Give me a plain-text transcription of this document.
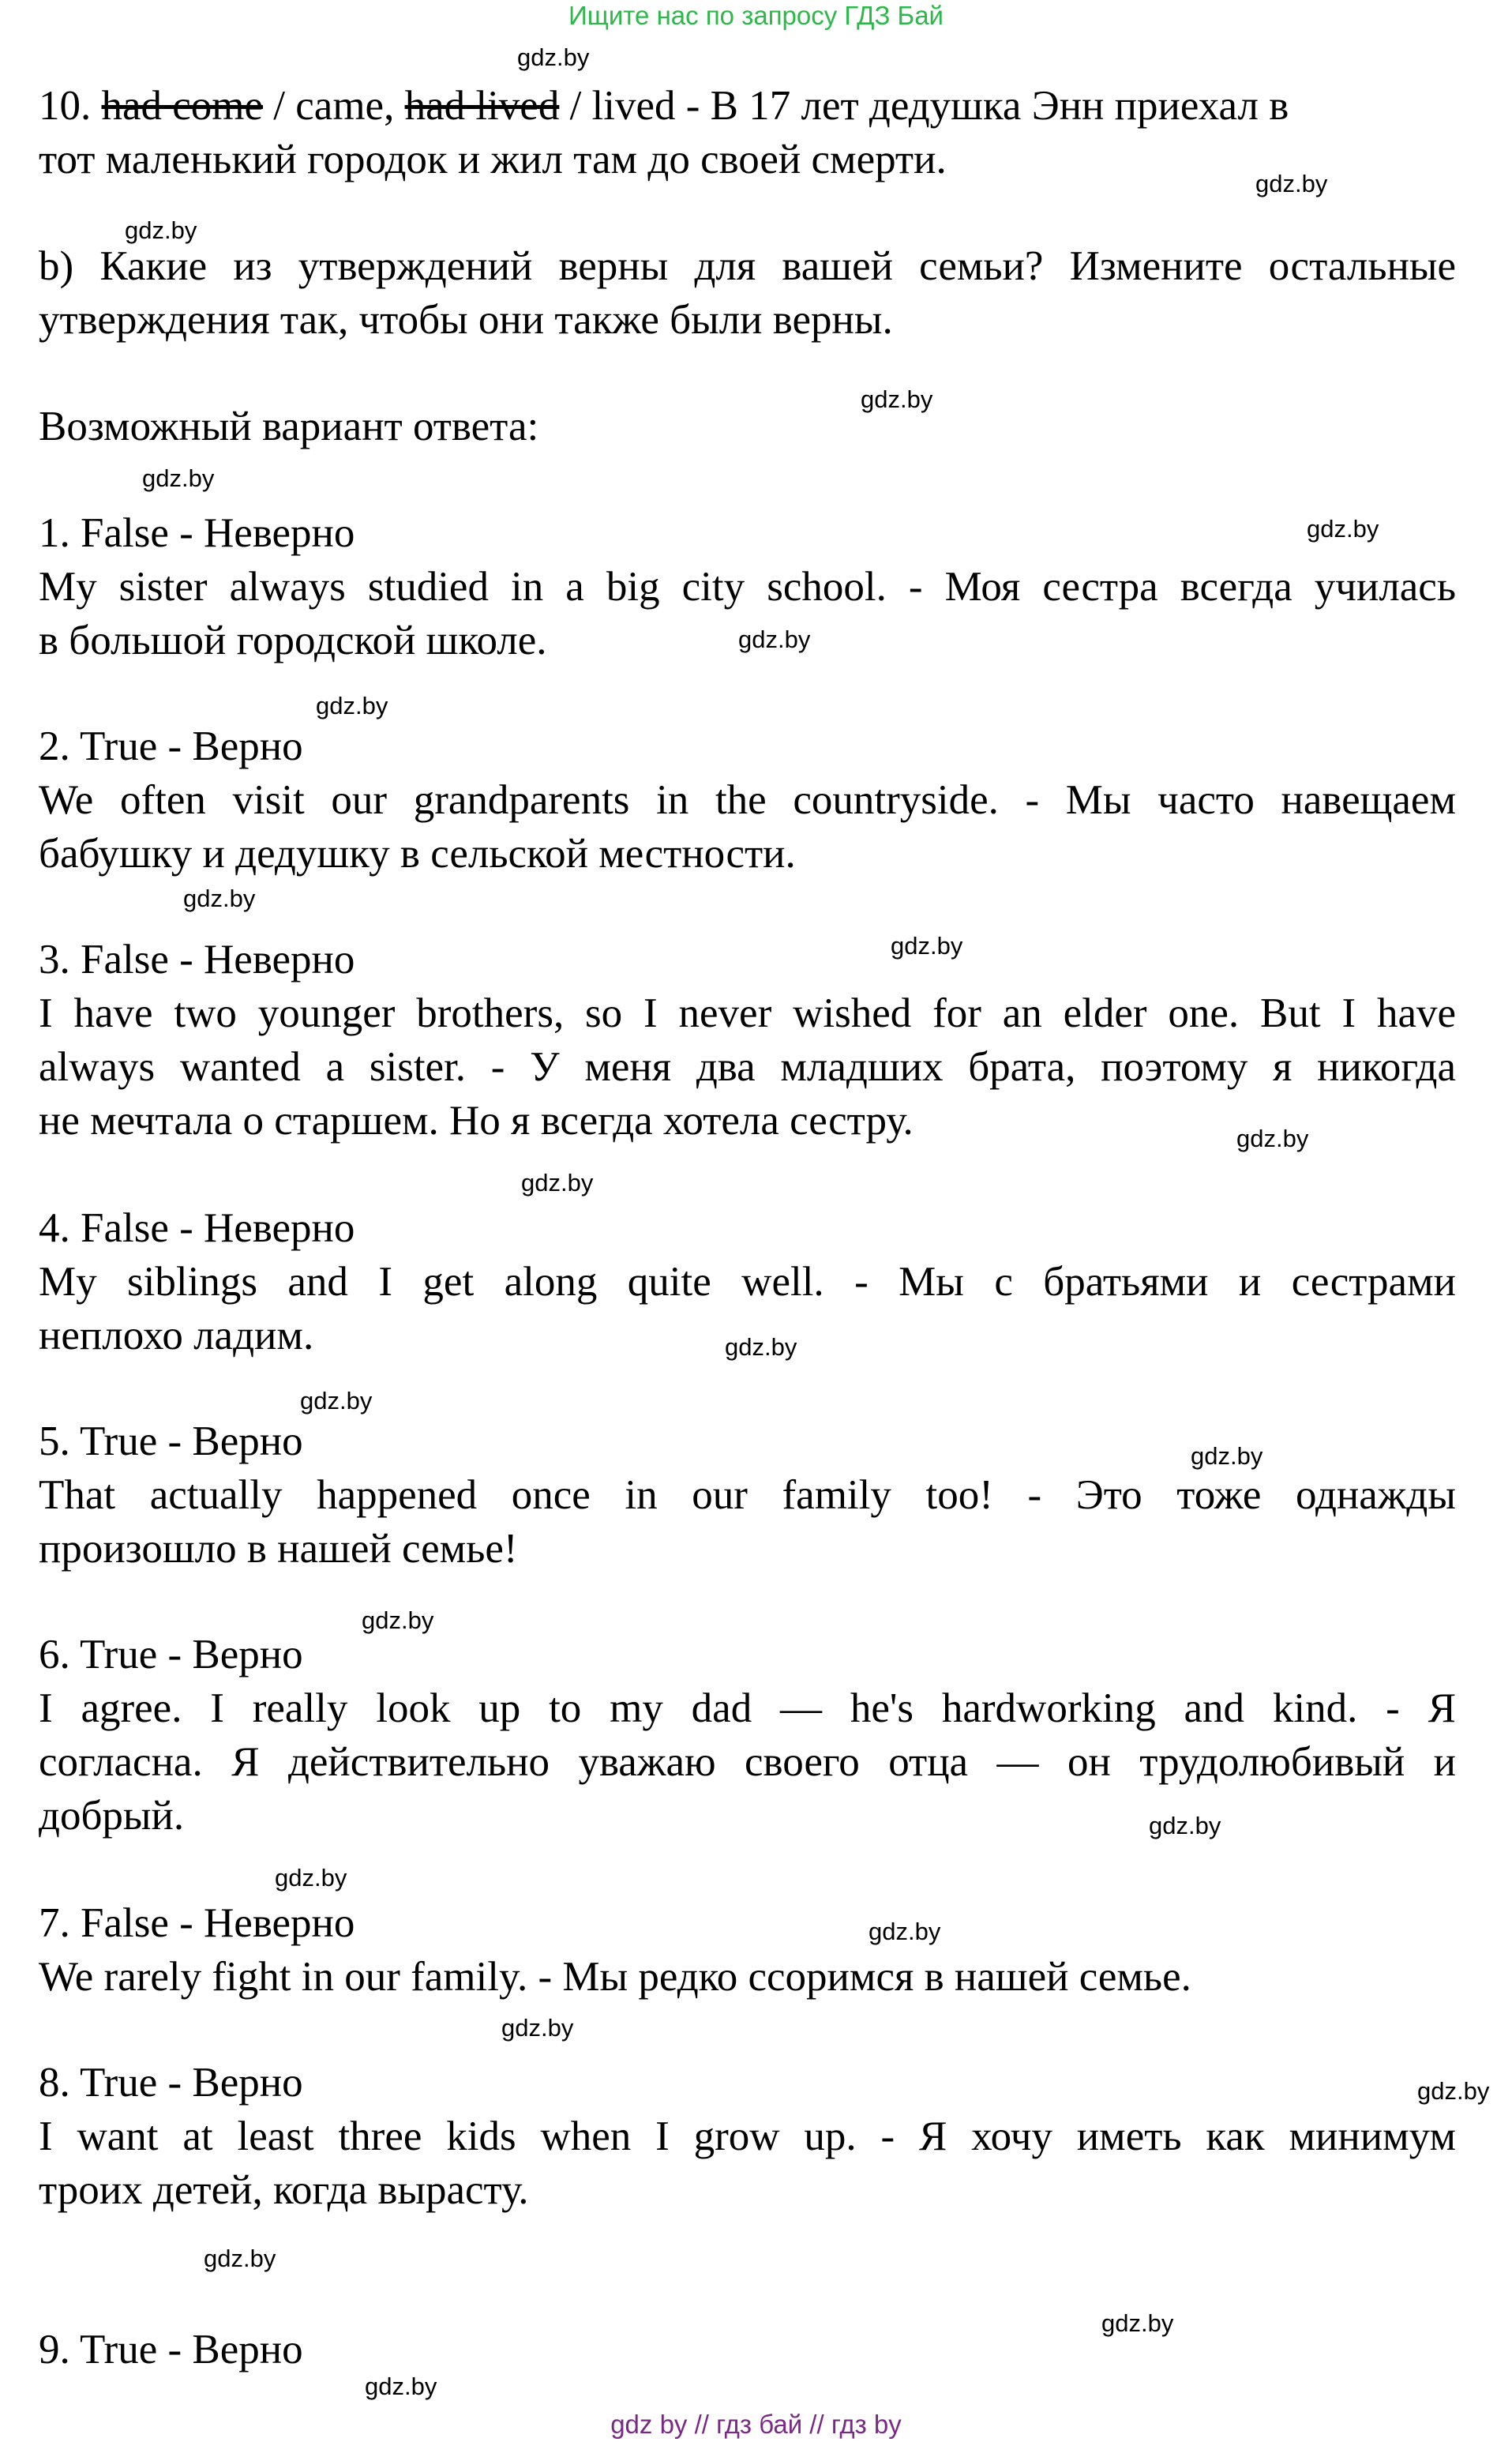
Ищите нас по запросу ГДЗ Бай
10. had come / came, had lived / lived - В 17 лет дедушка Энн приехал в
тот маленький городок и жил там до своей смерти.
b) Какие из утверждений верны для вашей семьи? Измените остальные
утверждения так, чтобы они также были верны.
Возможный вариант ответа:
1. False - Неверно
My sister always studied in a big city school. - Моя сестра всегда училась
в большой городской школе.
2. True - Верно
We often visit our grandparents in the countryside. - Мы часто навещаем
бабушку и дедушку в сельской местности.
3. False - Неверно
I have two younger brothers, so I never wished for an elder one. But I have
always wanted a sister. - У меня два младших брата, поэтому я никогда
не мечтала о старшем. Но я всегда хотела сестру.
4. False - Неверно
My siblings and I get along quite well. - Мы с братьями и сестрами
неплохо ладим.
5. True - Верно
That actually happened once in our family too! - Это тоже однажды
произошло в нашей семье!
6. True - Верно
I agree. I really look up to my dad — he's hardworking and kind. - Я
согласна. Я действительно уважаю своего отца — он трудолюбивый и
добрый.
7. False - Неверно
We rarely fight in our family. - Мы редко ссоримся в нашей семье.
8. True - Верно
I want at least three kids when I grow up. - Я хочу иметь как минимум
троих детей, когда вырасту.
9. True - Верно
gdz.by
gdz.by
gdz.by
gdz.by
gdz.by
gdz.by
gdz.by
gdz.by
gdz.by
gdz.by
gdz.by
gdz.by
gdz.by
gdz.by
gdz.by
gdz.by
gdz.by
gdz.by
gdz.by
gdz.by
gdz.by
gdz.by
gdz.by
gdz.by
gdz by // гдз бай // гдз by
